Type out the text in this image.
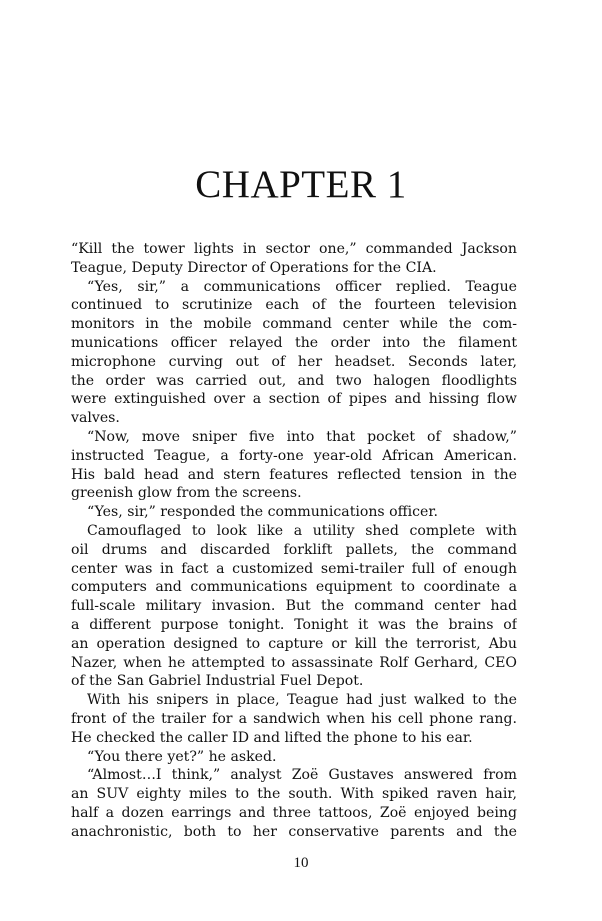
CHAPTER 1
“Kill the tower lights in sector one,” commanded Jackson
Teague, Deputy Director of Operations for the CIA.
“Yes, sir,” a communications officer replied. Teague
continued to scrutinize each of the fourteen television
monitors in the mobile command center while the com-
munications officer relayed the order into the filament
microphone curving out of her headset. Seconds later,
the order was carried out, and two halogen floodlights
were extinguished over a section of pipes and hissing flow
valves.
“Now, move sniper five into that pocket of shadow,”
instructed Teague, a forty-one year-old African American.
His bald head and stern features reflected tension in the
greenish glow from the screens.
“Yes, sir,” responded the communications officer.
Camouflaged to look like a utility shed complete with
oil drums and discarded forklift pallets, the command
center was in fact a customized semi-trailer full of enough
computers and communications equipment to coordinate a
full-scale military invasion. But the command center had
a different purpose tonight. Tonight it was the brains of
an operation designed to capture or kill the terrorist, Abu
Nazer, when he attempted to assassinate Rolf Gerhard, CEO
of the San Gabriel Industrial Fuel Depot.
With his snipers in place, Teague had just walked to the
front of the trailer for a sandwich when his cell phone rang.
He checked the caller ID and lifted the phone to his ear.
“You there yet?” he asked.
“Almost…I think,” analyst Zoë Gustaves answered from
an SUV eighty miles to the south. With spiked raven hair,
half a dozen earrings and three tattoos, Zoë enjoyed being
anachronistic, both to her conservative parents and the
10
